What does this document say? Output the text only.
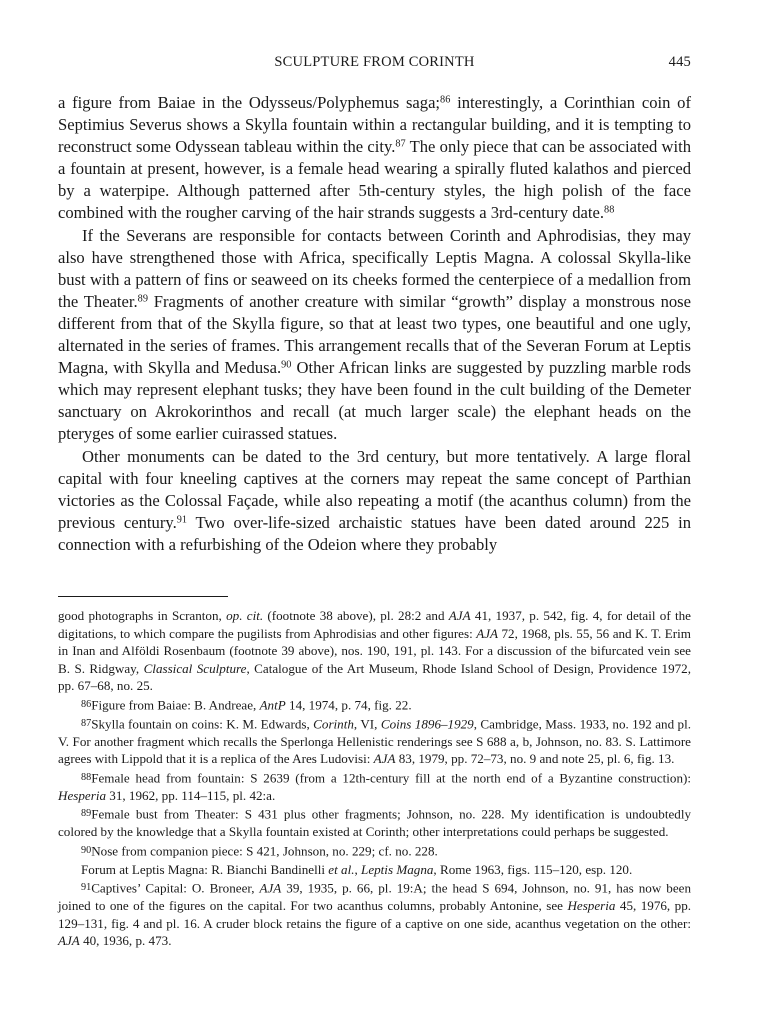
SCULPTURE FROM CORINTH	445

a figure from Baiae in the Odysseus/Polyphemus saga;$^{86}$ interestingly, a Corinthian coin of Septimius Severus shows a Skylla fountain within a rectangular building, and it is tempting to reconstruct some Odyssean tableau within the city.$^{87}$ The only piece that can be associated with a fountain at present, however, is a female head wearing a spirally fluted kalathos and pierced by a waterpipe. Although patterned after 5th-century styles, the high polish of the face combined with the rougher carving of the hair strands suggests a 3rd-century date.$^{88}$

If the Severans are responsible for contacts between Corinth and Aphrodisias, they may also have strengthened those with Africa, specifically Leptis Magna. A colossal Skylla-like bust with a pattern of fins or seaweed on its cheeks formed the centerpiece of a medallion from the Theater.$^{89}$ Fragments of another creature with similar “growth” display a monstrous nose different from that of the Skylla figure, so that at least two types, one beautiful and one ugly, alternated in the series of frames. This arrangement recalls that of the Severan Forum at Leptis Magna, with Skylla and Medusa.$^{90}$ Other African links are suggested by puzzling marble rods which may represent elephant tusks; they have been found in the cult building of the Demeter sanctuary on Akrokorinthos and recall (at much larger scale) the elephant heads on the pteryges of some earlier cuirassed statues.

Other monuments can be dated to the 3rd century, but more tentatively. A large floral capital with four kneeling captives at the corners may repeat the same concept of Parthian victories as the Colossal Façade, while also repeating a motif (the acanthus column) from the previous century.$^{91}$ Two over-life-sized archaistic statues have been dated around 225 in connection with a refurbishing of the Odeion where they probably

good photographs in Scranton, op. cit. (footnote 38 above), pl. 28:2 and AJA 41, 1937, p. 542, fig. 4, for detail of the digitations, to which compare the pugilists from Aphrodisias and other figures: AJA 72, 1968, pls. 55, 56 and K. T. Erim in Inan and Alföldi Rosenbaum (footnote 39 above), nos. 190, 191, pl. 143. For a discussion of the bifurcated vein see B. S. Ridgway, Classical Sculpture, Catalogue of the Art Museum, Rhode Island School of Design, Providence 1972, pp. 67–68, no. 25.

86Figure from Baiae: B. Andreae, AntP 14, 1974, p. 74, fig. 22.

87Skylla fountain on coins: K. M. Edwards, Corinth, VI, Coins 1896–1929, Cambridge, Mass. 1933, no. 192 and pl. V. For another fragment which recalls the Sperlonga Hellenistic renderings see S 688 a, b, Johnson, no. 83. S. Lattimore agrees with Lippold that it is a replica of the Ares Ludovisi: AJA 83, 1979, pp. 72–73, no. 9 and note 25, pl. 6, fig. 13.

88Female head from fountain: S 2639 (from a 12th-century fill at the north end of a Byzantine construction): Hesperia 31, 1962, pp. 114–115, pl. 42:a.

89Female bust from Theater: S 431 plus other fragments; Johnson, no. 228. My identification is undoubtedly colored by the knowledge that a Skylla fountain existed at Corinth; other interpretations could perhaps be suggested.

90Nose from companion piece: S 421, Johnson, no. 229; cf. no. 228.

Forum at Leptis Magna: R. Bianchi Bandinelli et al., Leptis Magna, Rome 1963, figs. 115–120, esp. 120.

91Captives’ Capital: O. Broneer, AJA 39, 1935, p. 66, pl. 19:A; the head S 694, Johnson, no. 91, has now been joined to one of the figures on the capital. For two acanthus columns, probably Antonine, see Hesperia 45, 1976, pp. 129–131, fig. 4 and pl. 16. A cruder block retains the figure of a captive on one side, acanthus vegetation on the other: AJA 40, 1936, p. 473.
